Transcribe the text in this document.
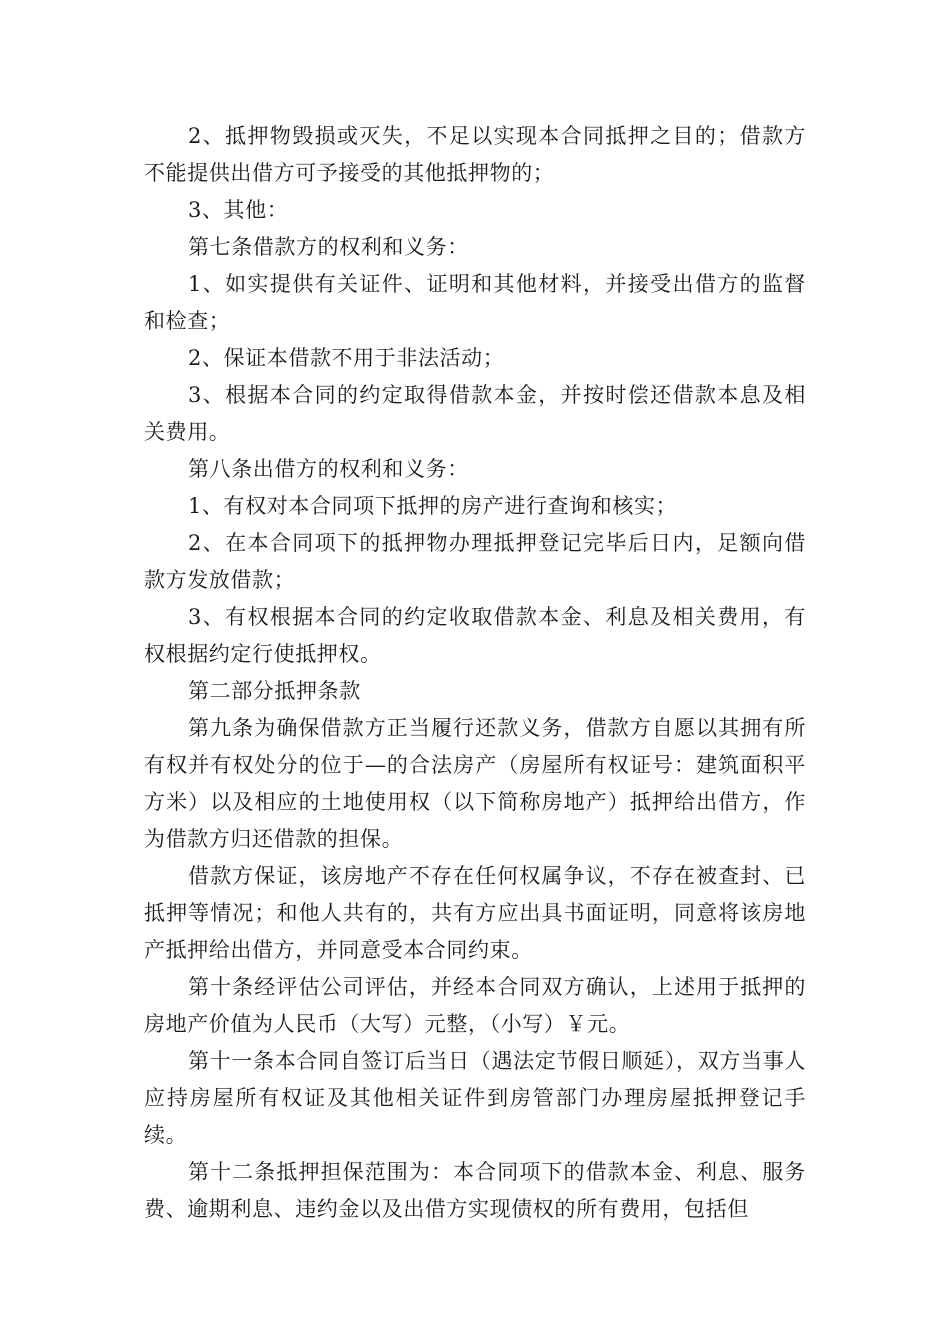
2、抵押物毁损或灭失，不足以实现本合同抵押之目的；借款方不能提供出借方可予接受的其他抵押物的；

3、其他：

第七条借款方的权利和义务：

1、如实提供有关证件、证明和其他材料，并接受出借方的监督和检查；

2、保证本借款不用于非法活动；

3、根据本合同的约定取得借款本金，并按时偿还借款本息及相关费用。

第八条出借方的权利和义务：

1、有权对本合同项下抵押的房产进行查询和核实；

2、在本合同项下的抵押物办理抵押登记完毕后日内，足额向借款方发放借款；

3、有权根据本合同的约定收取借款本金、利息及相关费用，有权根据约定行使抵押权。

第二部分抵押条款

第九条为确保借款方正当履行还款义务，借款方自愿以其拥有所有权并有权处分的位于—的合法房产（房屋所有权证号：建筑面积平方米）以及相应的土地使用权（以下简称房地产）抵押给出借方，作为借款方归还借款的担保。

借款方保证，该房地产不存在任何权属争议，不存在被查封、已抵押等情况；和他人共有的，共有方应出具书面证明，同意将该房地产抵押给出借方，并同意受本合同约束。

第十条经评估公司评估，并经本合同双方确认，上述用于抵押的房地产价值为人民币（大写）元整，（小写）￥元。

第十一条本合同自签订后当日（遇法定节假日顺延），双方当事人应持房屋所有权证及其他相关证件到房管部门办理房屋抵押登记手续。

第十二条抵押担保范围为：本合同项下的借款本金、利息、服务费、逾期利息、违约金以及出借方实现债权的所有费用，包括但
